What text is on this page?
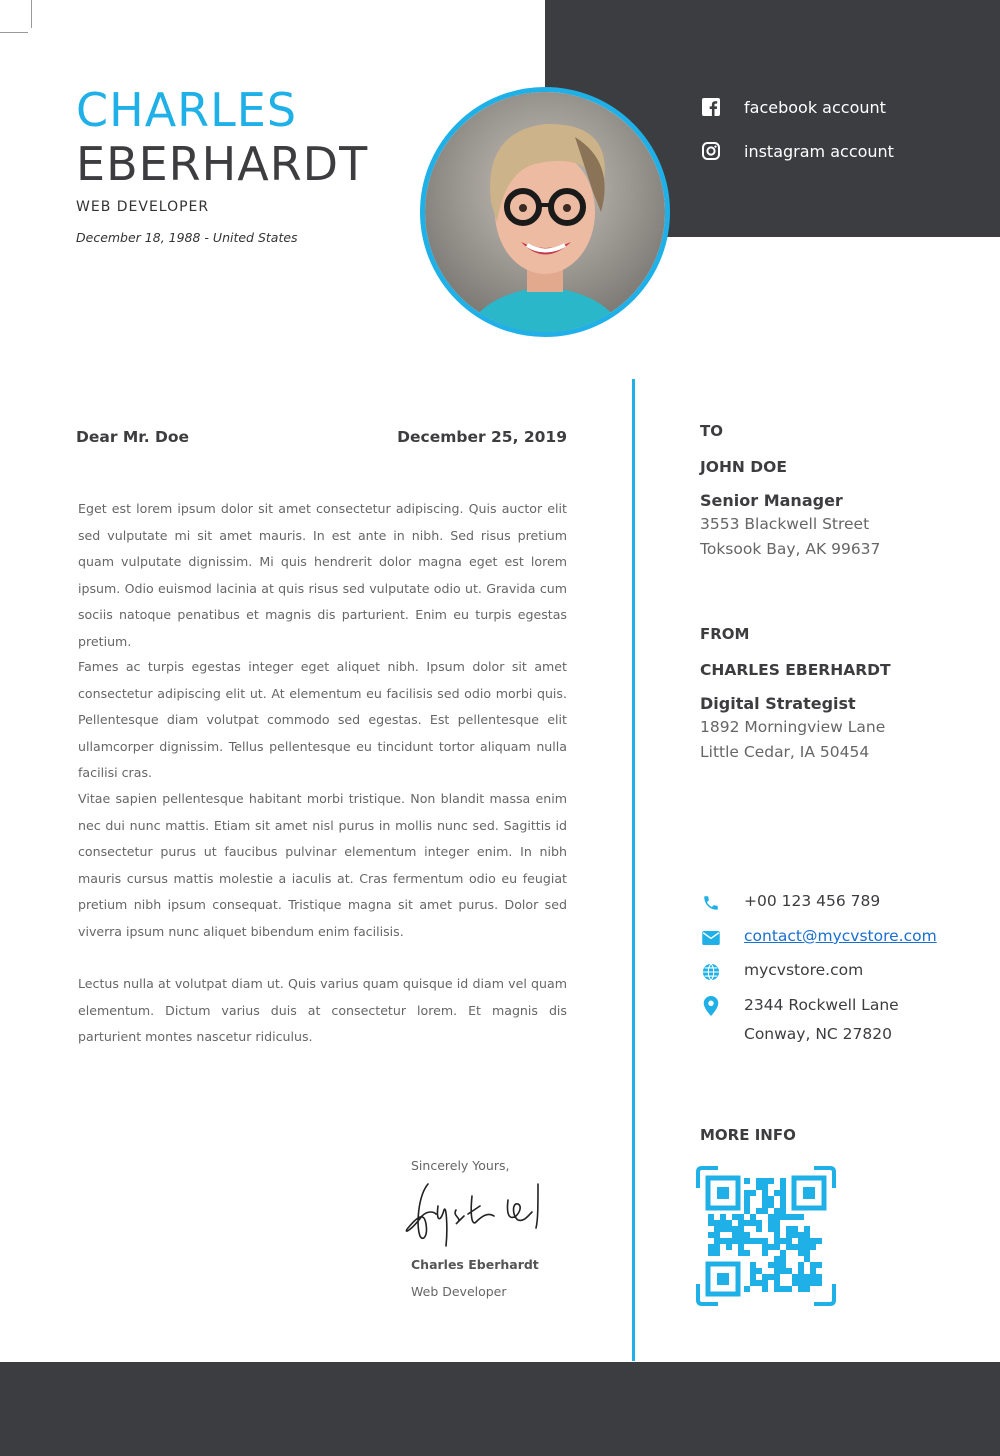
CHARLES
EBERHARDT
WEB DEVELOPER
December 18, 1988 - United States
facebook account
instagram account
Dear Mr. Doe	December 25, 2019

Eget est lorem ipsum dolor sit amet consectetur adipiscing. Quis auctor elit sed vulputate mi sit amet mauris. In est ante in nibh. Sed risus pretium quam vulputate dignissim. Mi quis hendrerit dolor magna eget est lorem ipsum. Odio euismod lacinia at quis risus sed vulputate odio ut. Gravida cum sociis natoque penatibus et magnis dis parturient. Enim eu turpis egestas pretium.

Fames ac turpis egestas integer eget aliquet nibh. Ipsum dolor sit amet consectetur adipiscing elit ut. At elementum eu facilisis sed odio morbi quis. Pellentesque diam volutpat commodo sed egestas. Est pellentesque elit ullamcorper dignissim. Tellus pellentesque eu tincidunt tortor aliquam nulla facilisi cras.

Vitae sapien pellentesque habitant morbi tristique. Non blandit massa enim nec dui nunc mattis. Etiam sit amet nisl purus in mollis nunc sed. Sagittis id consectetur purus ut faucibus pulvinar elementum integer enim. In nibh mauris cursus mattis molestie a iaculis at. Cras fermentum odio eu feugiat pretium nibh ipsum consequat. Tristique magna sit amet purus. Dolor sed viverra ipsum nunc aliquet bibendum enim facilisis.

Lectus nulla at volutpat diam ut. Quis varius quam quisque id diam vel quam elementum. Dictum varius duis at consectetur lorem. Et magnis dis parturient montes nascetur ridiculus.

Sincerely Yours,
Charles Eberhardt
Web Developer
TO
JOHN DOE
Senior Manager
3553 Blackwell Street
Toksook Bay, AK 99637
FROM
CHARLES EBERHARDT
Digital Strategist
1892 Morningview Lane
Little Cedar, IA 50454
+00 123 456 789
contact@mycvstore.com
mycvstore.com
2344 Rockwell Lane
Conway, NC 27820
MORE INFO
